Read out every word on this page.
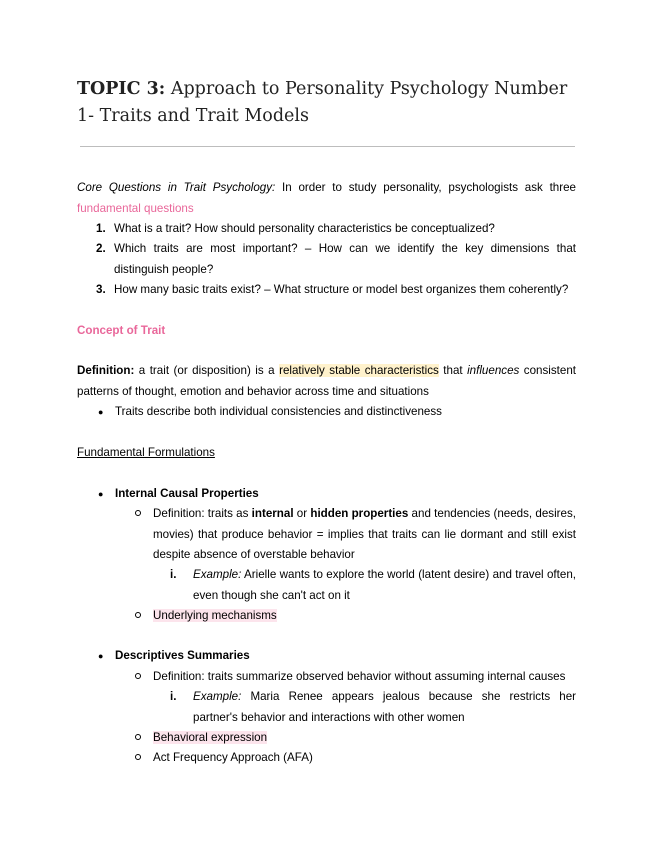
TOPIC 3: Approach to Personality Psychology Number 1- Traits and Trait Models
Core Questions in Trait Psychology: In order to study personality, psychologists ask three fundamental questions
1. What is a trait? How should personality characteristics be conceptualized?
2. Which traits are most important? – How can we identify the key dimensions that distinguish people?
3. How many basic traits exist? – What structure or model best organizes them coherently?
Concept of Trait
Definition: a trait (or disposition) is a relatively stable characteristics that influences consistent patterns of thought, emotion and behavior across time and situations
● Traits describe both individual consistencies and distinctiveness
Fundamental Formulations
● Internal Causal Properties
Definition: traits as internal or hidden properties and tendencies (needs, desires, movies) that produce behavior = implies that traits can lie dormant and still exist despite absence of overstable behavior
i. Example: Arielle wants to explore the world (latent desire) and travel often, even though she can't act on it
Underlying mechanisms
● Descriptives Summaries
Definition: traits summarize observed behavior without assuming internal causes
i. Example: Maria Renee appears jealous because she restricts her partner's behavior and interactions with other women
Behavioral expression
Act Frequency Approach (AFA)
